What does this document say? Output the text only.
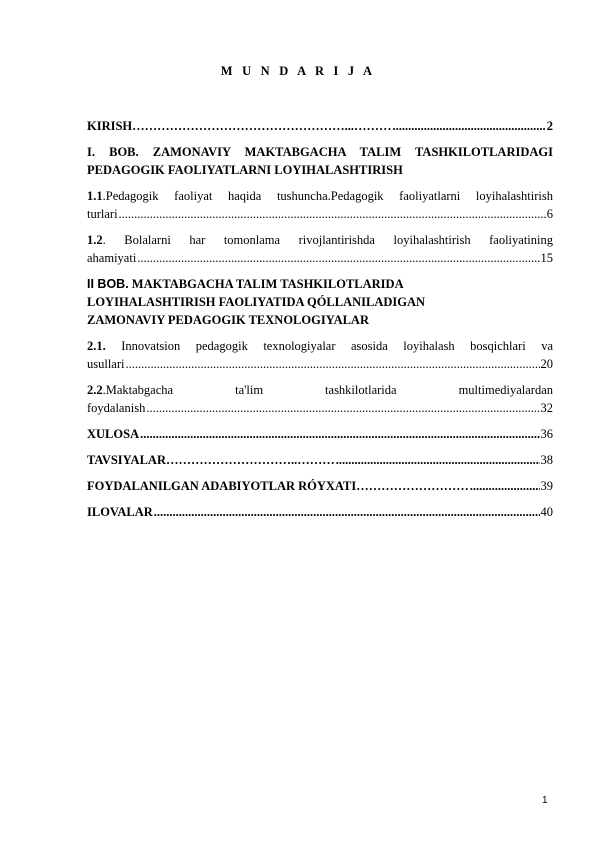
M U N D A R I J A
KIRISH ……………………………………………...……… .....	2
I. BOB. ZAMONAVIY MAKTABGACHA TALIM TASHKILOTLARIDAGI
PEDAGOGIK FAOLIYATLARNI LOYIHALASHTIRISH
1.1.Pedagogik faoliyat haqida tushuncha.Pedagogik faoliyatlarni loyihalashtirish
turlari .....	6
1.2. Bolalarni har tomonlama rivojlantirishda loyihalashtirish faoliyatining
ahamiyati .....	15
II BOB. MAKTABGACHA TALIM TASHKILOTLARIDA
LOYIHALASHTIRISH FAOLIYATIDA QÓLLANILADIGAN
ZAMONAVIY PEDAGOGIK TEXNOLOGIYALAR
2.1. Innovatsion pedagogik texnologiyalar asosida loyihalash bosqichlari va
usullari .....	20
2.2.Maktabgacha ta'lim tashkilotlarida multimediyalardan
foydalanish .....	32
XULOSA .....	36
TAVSIYALAR …………………………..……… .....	38
FOYDALANILGAN ADABIYOTLAR RÓYXATI ……………………… .....	39
ILOVALAR .....	40
1
